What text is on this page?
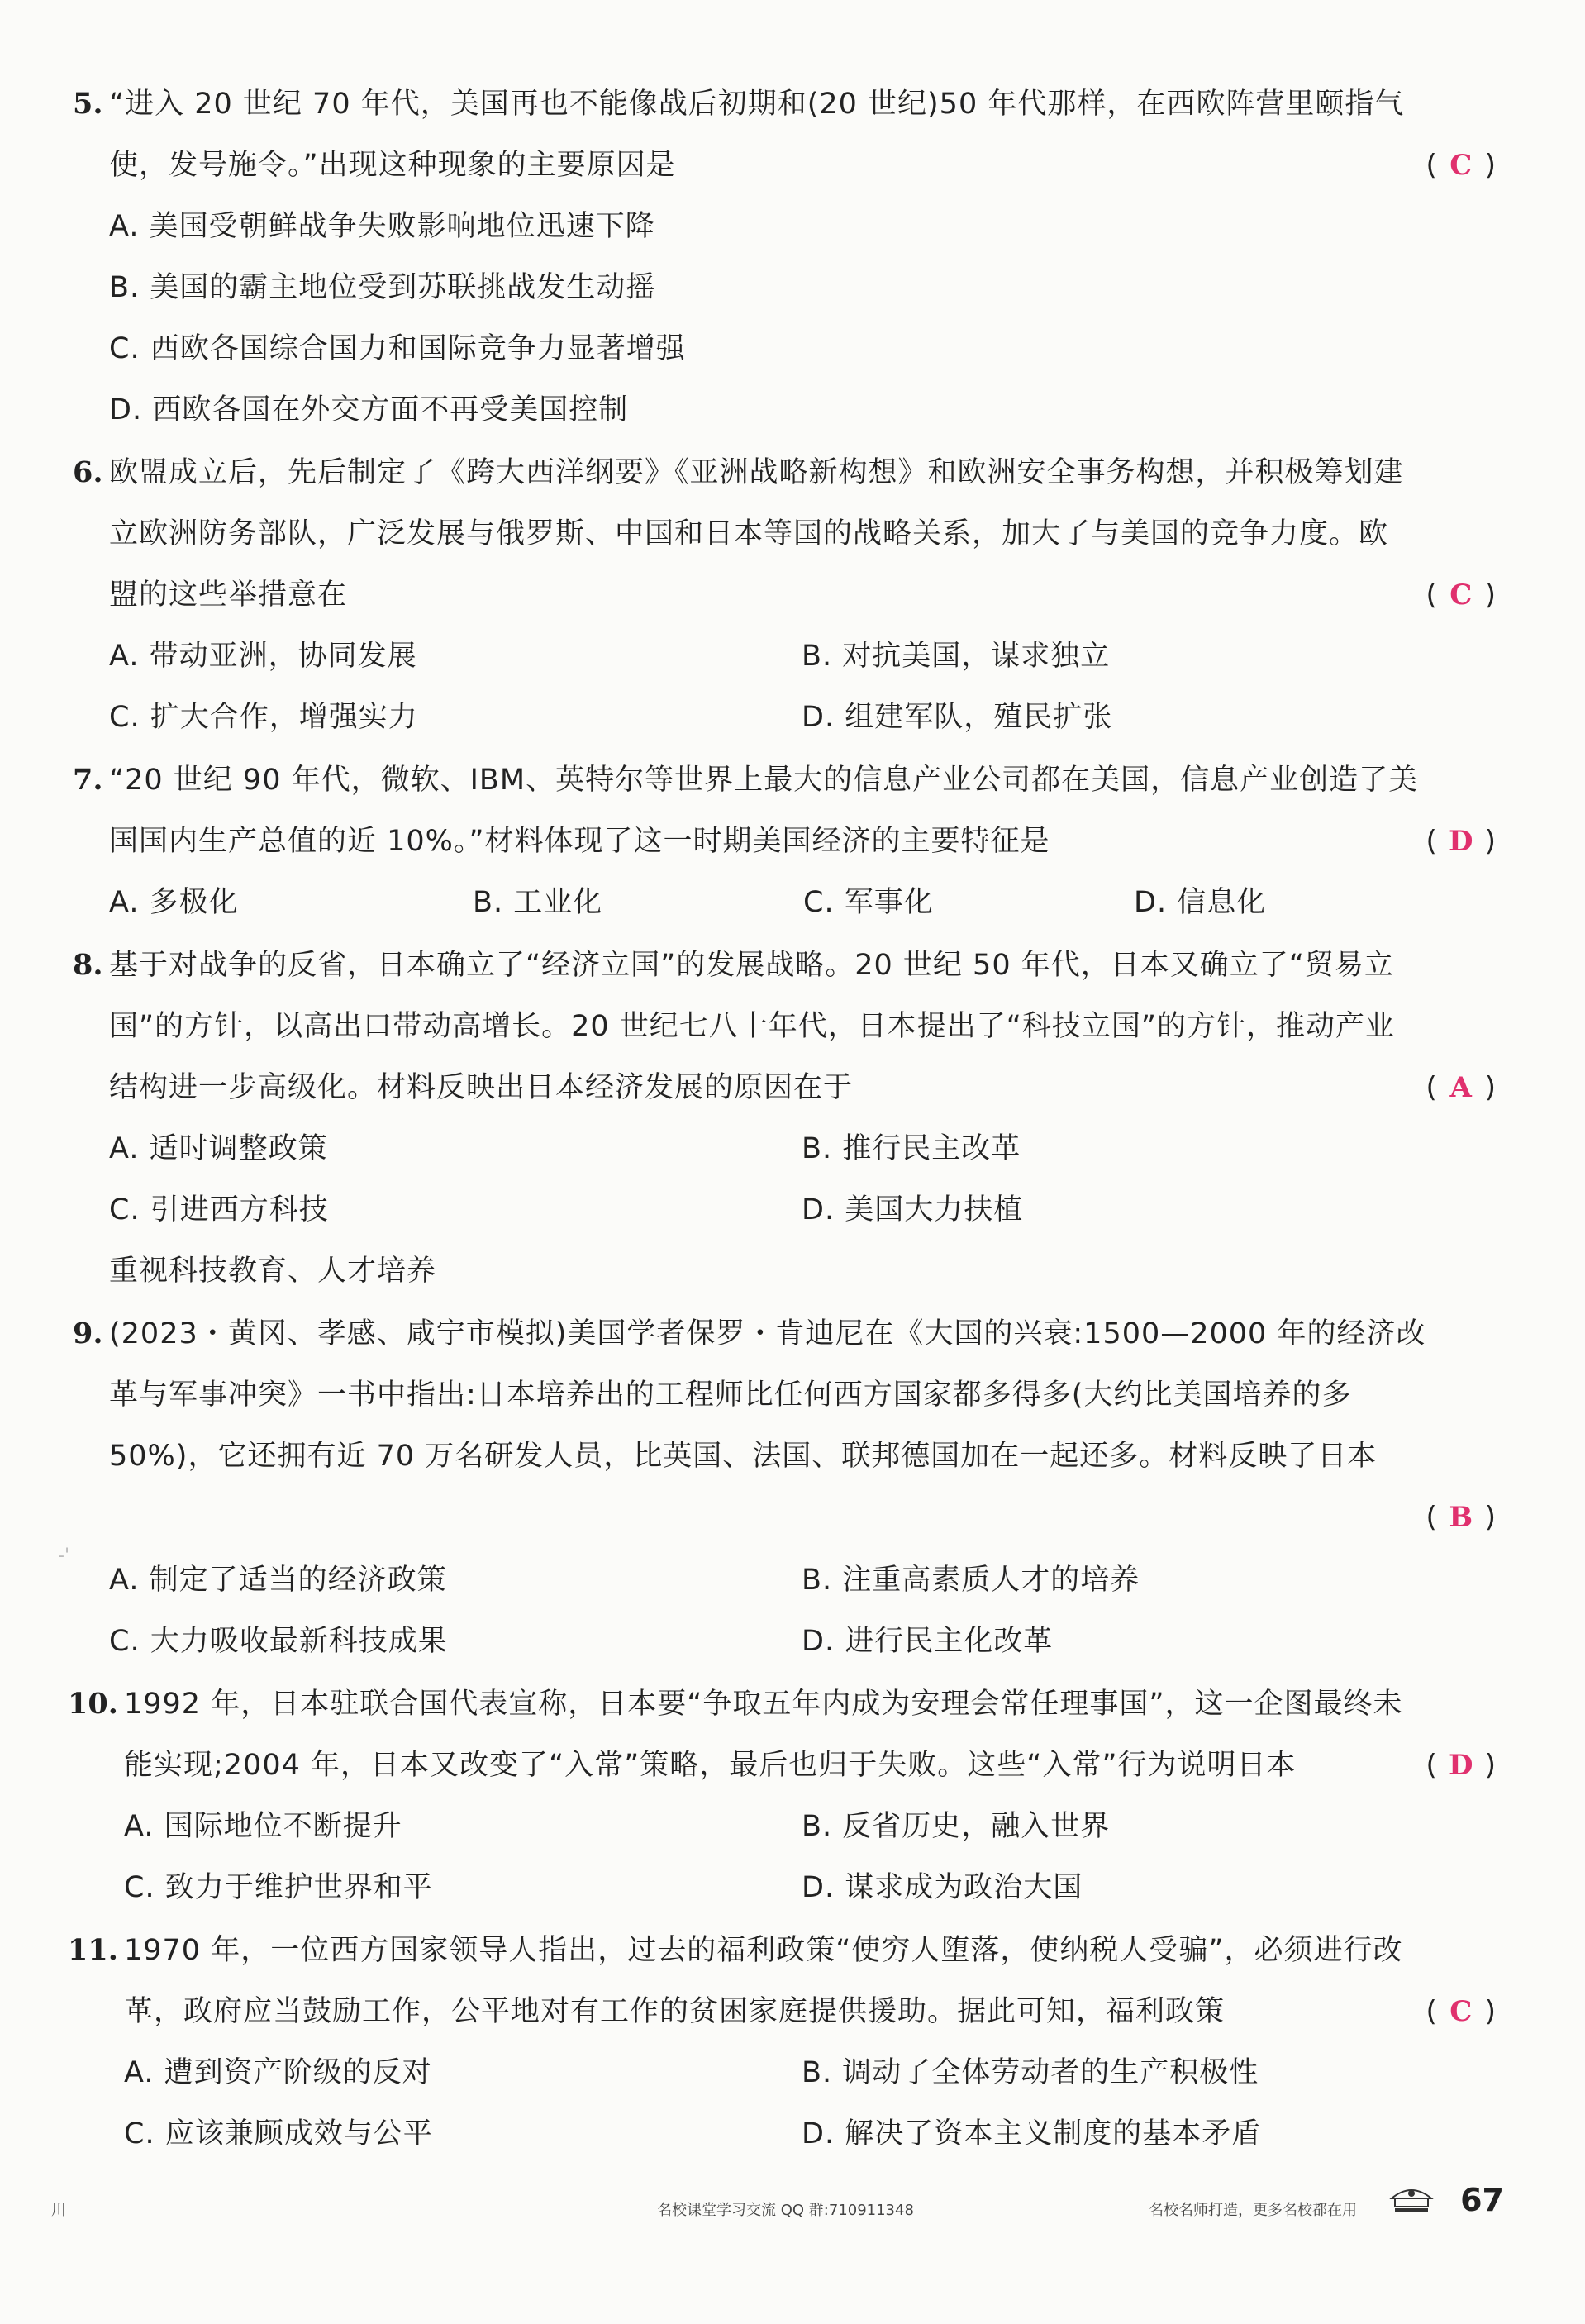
5. “进入 20 世纪 70 年代，美国再也不能像战后初期和(20 世纪)50 年代那样，在西欧阵营里颐指气
使，发号施令。”出现这种现象的主要原因是	( C )
A. 美国受朝鲜战争失败影响地位迅速下降
B. 美国的霸主地位受到苏联挑战发生动摇
C. 西欧各国综合国力和国际竞争力显著增强
D. 西欧各国在外交方面不再受美国控制
6. 欧盟成立后，先后制定了《跨大西洋纲要》《亚洲战略新构想》和欧洲安全事务构想，并积极筹划建
立欧洲防务部队，广泛发展与俄罗斯、中国和日本等国的战略关系，加大了与美国的竞争力度。欧
盟的这些举措意在	( C )
A. 带动亚洲，协同发展	B. 对抗美国，谋求独立
C. 扩大合作，增强实力	D. 组建军队，殖民扩张
7. “20 世纪 90 年代，微软、IBM、英特尔等世界上最大的信息产业公司都在美国，信息产业创造了美
国国内生产总值的近 10%。”材料体现了这一时期美国经济的主要特征是	( D )
A. 多极化	B. 工业化	C. 军事化	D. 信息化
8. 基于对战争的反省，日本确立了“经济立国”的发展战略。20 世纪 50 年代，日本又确立了“贸易立
国”的方针，以高出口带动高增长。20 世纪七八十年代，日本提出了“科技立国”的方针，推动产业
结构进一步高级化。材料反映出日本经济发展的原因在于	( A )
A. 适时调整政策	B. 推行民主改革
C. 引进西方科技	D. 美国大力扶植
重视科技教育、人才培养
9. (2023・黄冈、孝感、咸宁市模拟)美国学者保罗・肯迪尼在《大国的兴衰:1500—2000 年的经济改
革与军事冲突》一书中指出:日本培养出的工程师比任何西方国家都多得多(大约比美国培养的多
50%)，它还拥有近 70 万名研发人员，比英国、法国、联邦德国加在一起还多。材料反映了日本
( B )
A. 制定了适当的经济政策	B. 注重高素质人才的培养
C. 大力吸收最新科技成果	D. 进行民主化改革
10. 1992 年，日本驻联合国代表宣称，日本要“争取五年内成为安理会常任理事国”，这一企图最终未
能实现;2004 年，日本又改变了“入常”策略，最后也归于失败。这些“入常”行为说明日本	( D )
A. 国际地位不断提升	B. 反省历史，融入世界
C. 致力于维护世界和平	D. 谋求成为政治大国
11. 1970 年，一位西方国家领导人指出，过去的福利政策“使穷人堕落，使纳税人受骗”，必须进行改
革，政府应当鼓励工作，公平地对有工作的贫困家庭提供援助。据此可知，福利政策	( C )
A. 遭到资产阶级的反对	B. 调动了全体劳动者的生产积极性
C. 应该兼顾成效与公平	D. 解决了资本主义制度的基本矛盾
-'
川	名校课堂学习交流 QQ 群:710911348	名校名师打造，更多名校都在用	67
